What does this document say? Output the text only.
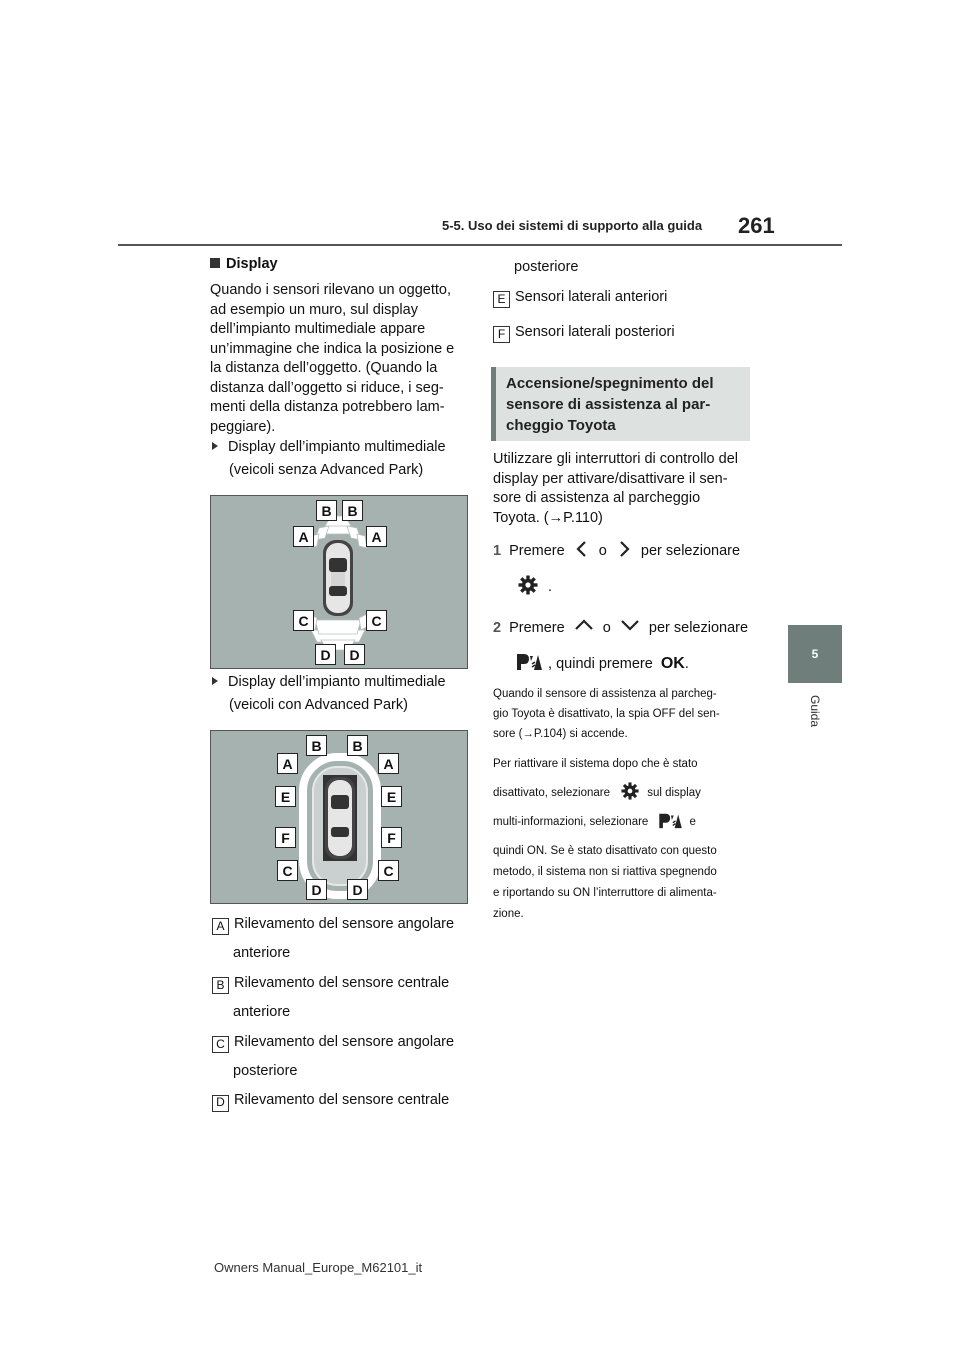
5-5. Uso dei sistemi di supporto alla guida 261
5
Guida
Display
Quando i sensori rilevano un oggetto,
ad esempio un muro, sul display
dell’impianto multimediale appare
un’immagine che indica la posizione e
la distanza dell’oggetto. (Quando la
distanza dall’oggetto si riduce, i seg-
menti della distanza potrebbero lam-
peggiare).
Display dell’impianto multimediale
(veicoli senza Advanced Park)
B	B
A	A
C	C
D	D
Display dell’impianto multimediale
(veicoli con Advanced Park)
B	B
A	A
E	E
F	F
C	C
D	D
A Rilevamento del sensore angolare
anteriore
B Rilevamento del sensore centrale
anteriore
C Rilevamento del sensore angolare
posteriore
D Rilevamento del sensore centrale
posteriore
E Sensori laterali anteriori
F Sensori laterali posteriori
Accensione/spegnimento del
sensore di assistenza al par-
cheggio Toyota
Utilizzare gli interruttori di controllo del
display per attivare/disattivare il sen-
sore di assistenza al parcheggio
Toyota. (→P.110)
1 Premere o per selezionare
.
2 Premere	o	per selezionare
, quindi premere OK.
Quando il sensore di assistenza al parcheg-
gio Toyota è disattivato, la spia OFF del sen-
sore (→P.104) si accende.
Per riattivare il sistema dopo che è stato
disattivato, selezionare	sul display
multi-informazioni, selezionare	e
quindi ON. Se è stato disattivato con questo
metodo, il sistema non si riattiva spegnendo
e riportando su ON l’interruttore di alimenta-
zione.
Owners Manual_Europe_M62101_it
